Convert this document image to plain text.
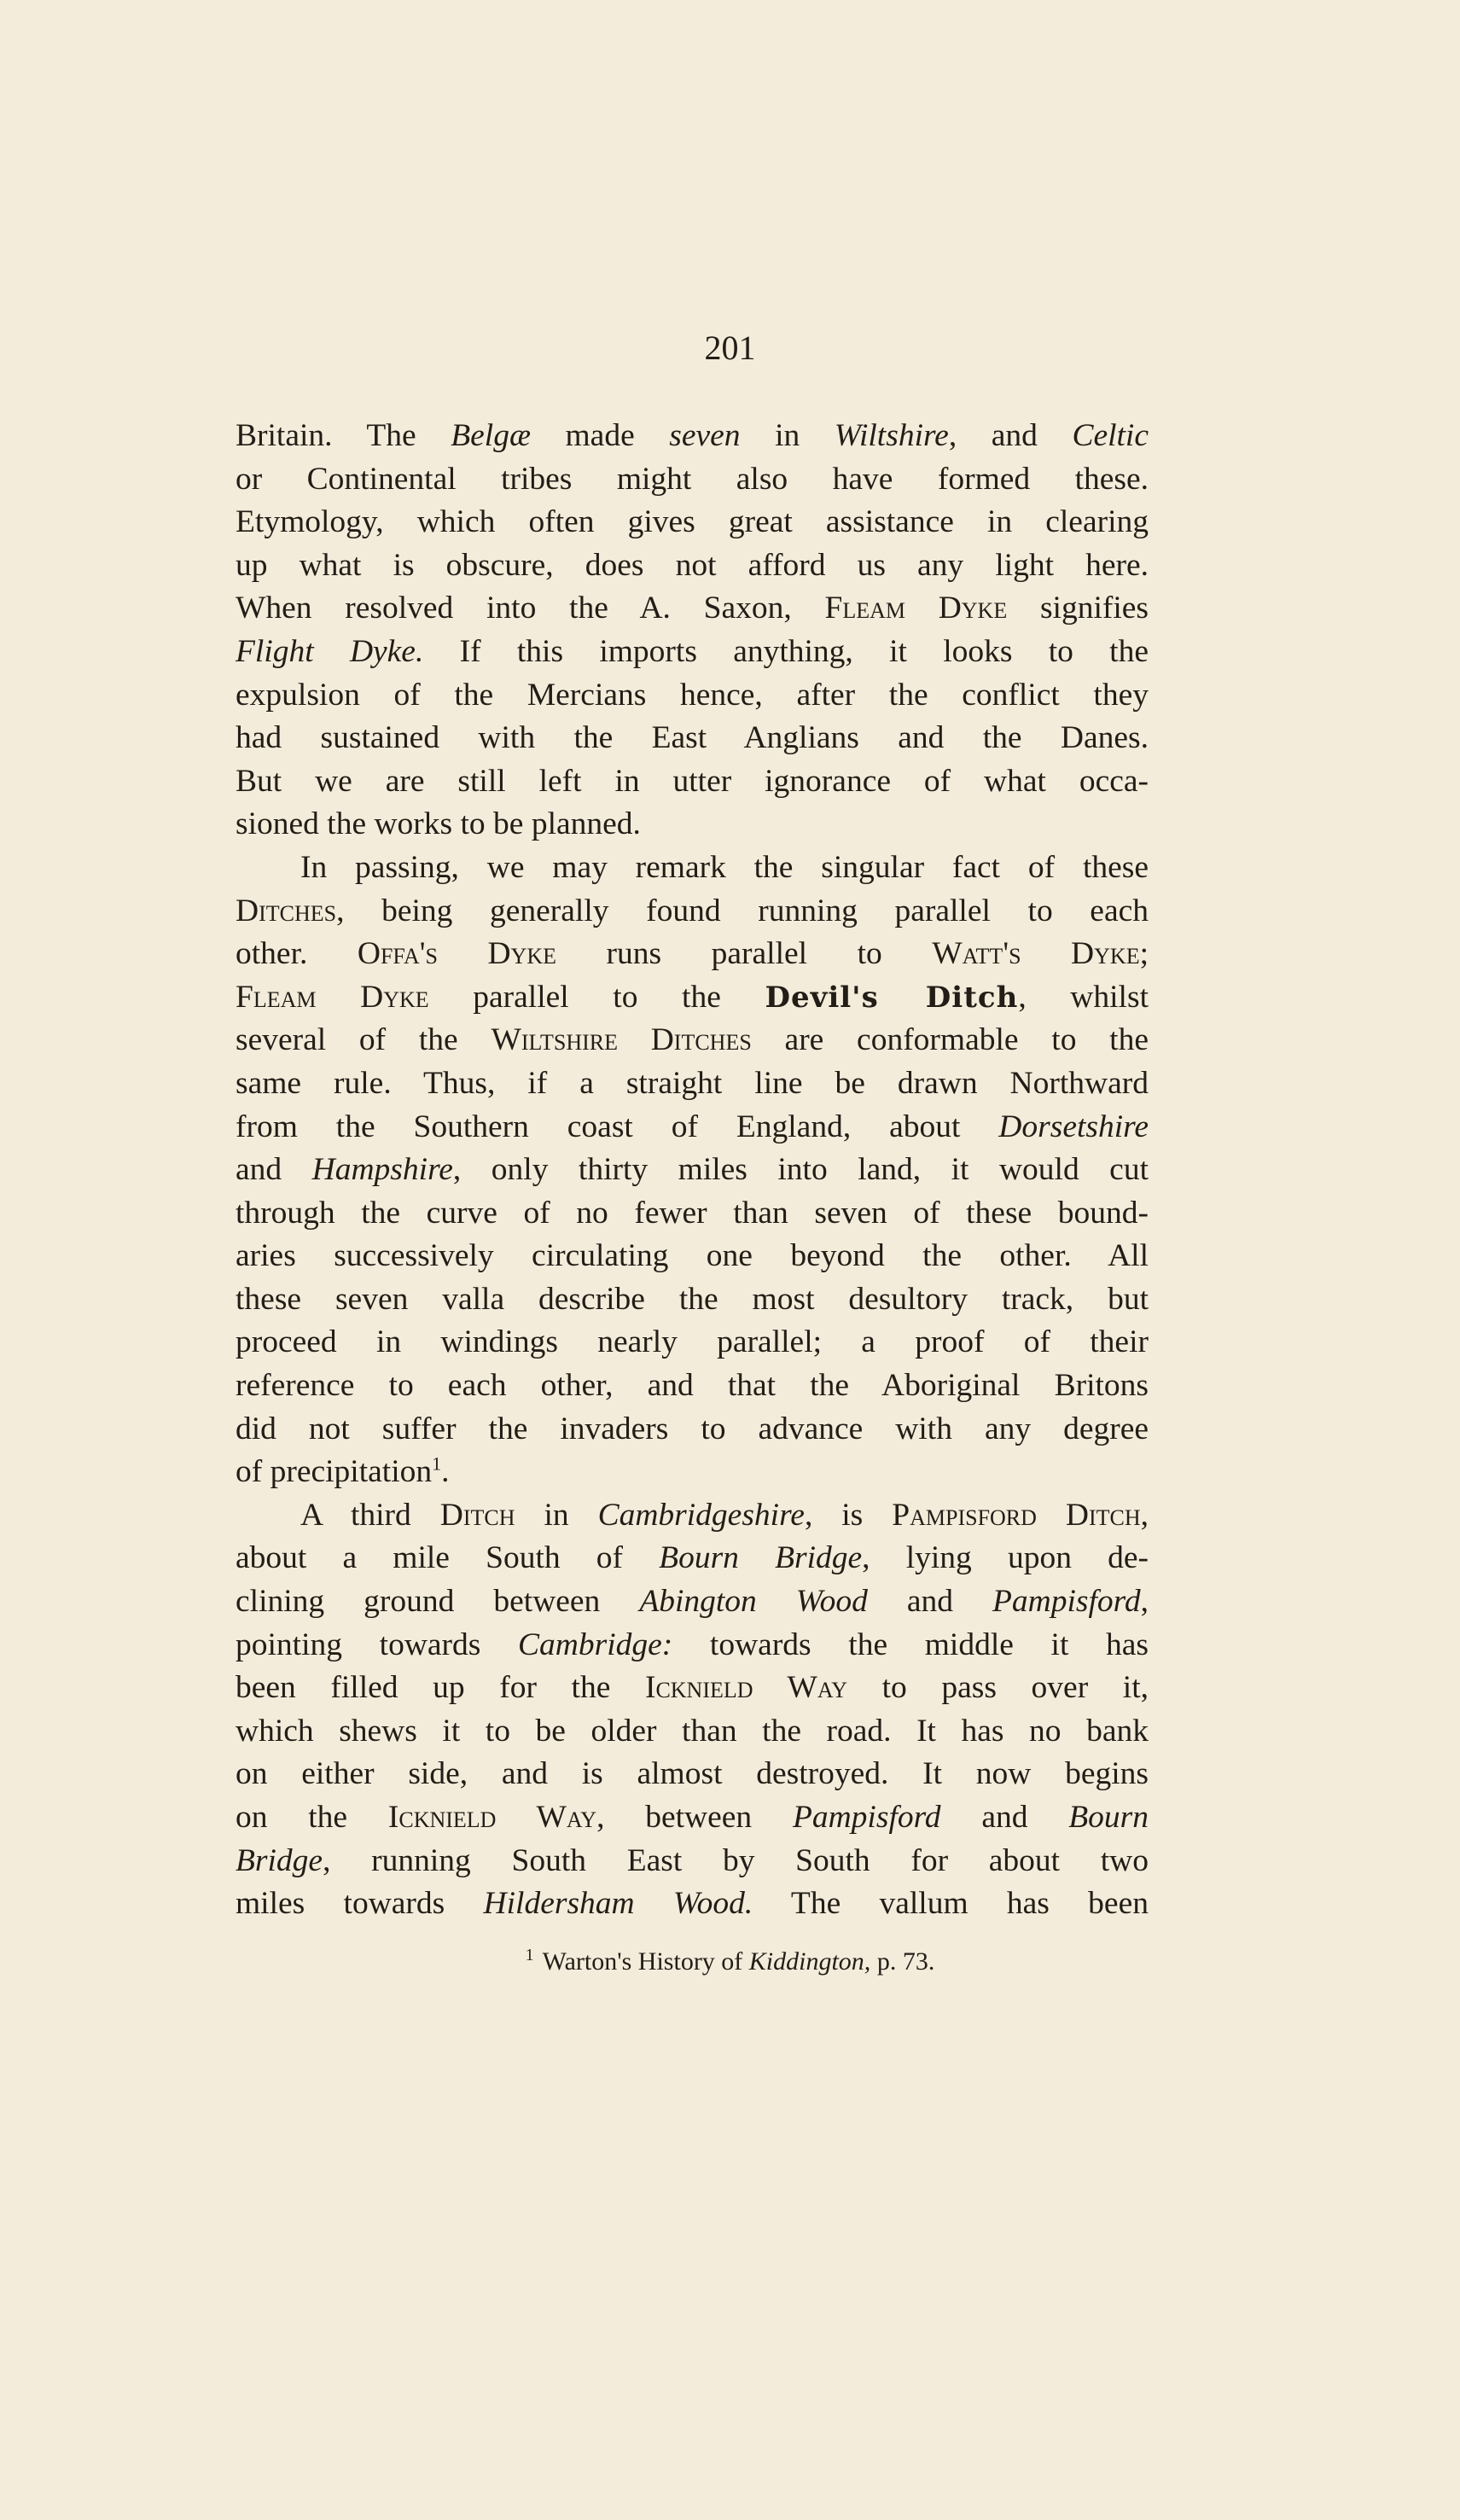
201
Britain. The Belgæ made seven in Wiltshire, and Celtic
or Continental tribes might also have formed these.
Etymology, which often gives great assistance in clearing
up what is obscure, does not afford us any light here.
When resolved into the A. Saxon, Fleam Dyke signifies
Flight Dyke. If this imports anything, it looks to the
expulsion of the Mercians hence, after the conflict they
had sustained with the East Anglians and the Danes.
But we are still left in utter ignorance of what occa-
sioned the works to be planned.
In passing, we may remark the singular fact of these
Ditches, being generally found running parallel to each
other. Offa's Dyke runs parallel to Watt's Dyke;
Fleam Dyke parallel to the Devil's Ditch, whilst
several of the Wiltshire Ditches are conformable to the
same rule. Thus, if a straight line be drawn Northward
from the Southern coast of England, about Dorsetshire
and Hampshire, only thirty miles into land, it would cut
through the curve of no fewer than seven of these bound-
aries successively circulating one beyond the other. All
these seven valla describe the most desultory track, but
proceed in windings nearly parallel; a proof of their
reference to each other, and that the Aboriginal Britons
did not suffer the invaders to advance with any degree
of precipitation$^1$.
A third Ditch in Cambridgeshire, is Pampisford Ditch,
about a mile South of Bourn Bridge, lying upon de-
clining ground between Abington Wood and Pampisford,
pointing towards Cambridge: towards the middle it has
been filled up for the Icknield Way to pass over it,
which shews it to be older than the road. It has no bank
on either side, and is almost destroyed. It now begins
on the Icknield Way, between Pampisford and Bourn
Bridge, running South East by South for about two
miles towards Hildersham Wood. The vallum has been
$^1$ Warton's History of Kiddington, p. 73.
